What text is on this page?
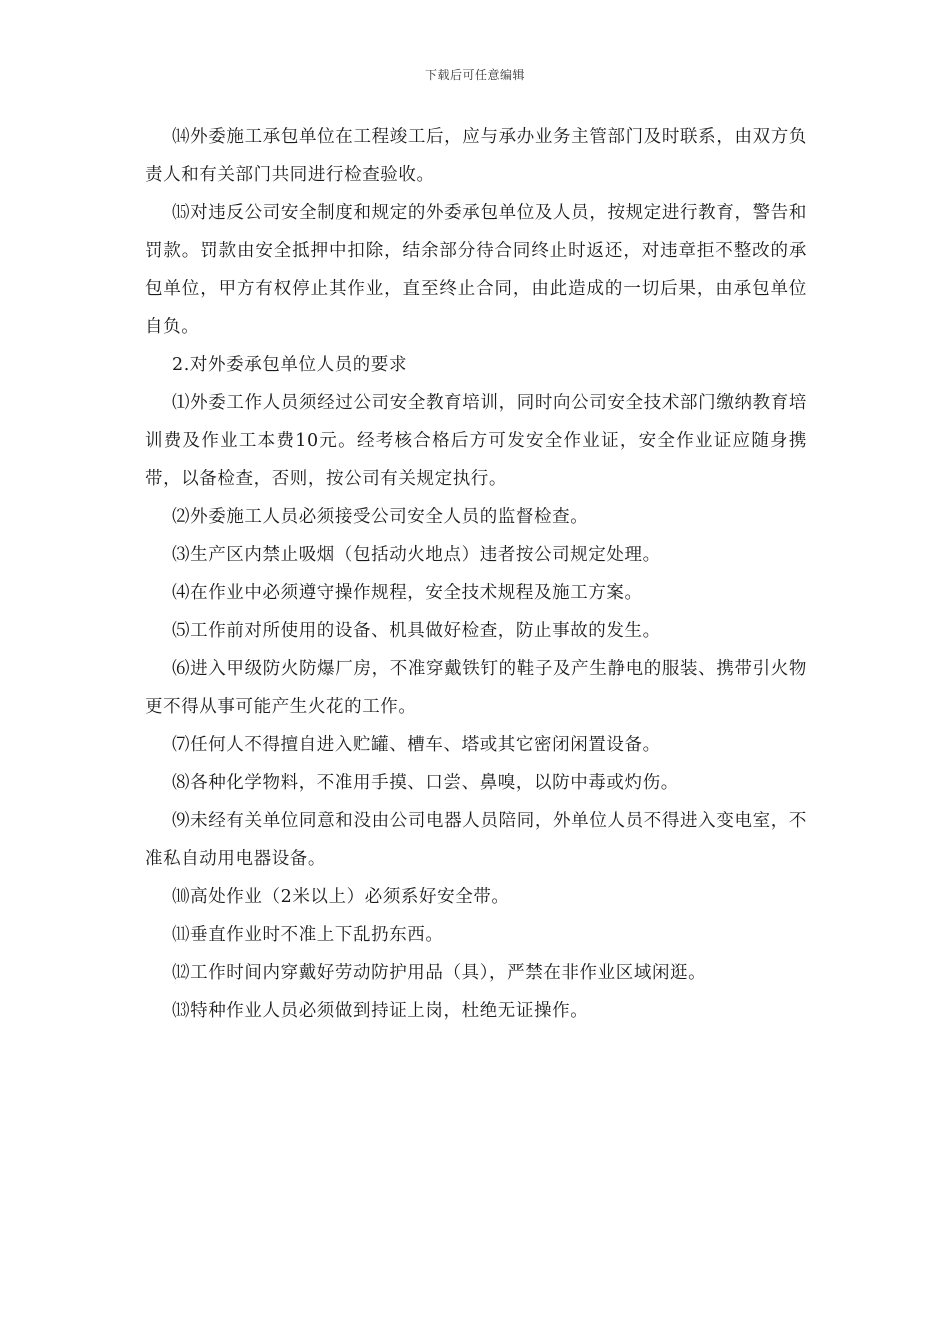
下载后可任意编辑

⒁外委施工承包单位在工程竣工后，应与承办业务主管部门及时联系，由双方负责人和有关部门共同进行检查验收。

⒂对违反公司安全制度和规定的外委承包单位及人员，按规定进行教育，警告和罚款。罚款由安全抵押中扣除，结余部分待合同终止时返还，对违章拒不整改的承包单位，甲方有权停止其作业，直至终止合同，由此造成的一切后果，由承包单位自负。

2.对外委承包单位人员的要求

⑴外委工作人员须经过公司安全教育培训，同时向公司安全技术部门缴纳教育培训费及作业工本费10元。经考核合格后方可发安全作业证，安全作业证应随身携带，以备检查，否则，按公司有关规定执行。

⑵外委施工人员必须接受公司安全人员的监督检查。

⑶生产区内禁止吸烟（包括动火地点）违者按公司规定处理。

⑷在作业中必须遵守操作规程，安全技术规程及施工方案。

⑸工作前对所使用的设备、机具做好检查，防止事故的发生。

⑹进入甲级防火防爆厂房，不准穿戴铁钉的鞋子及产生静电的服装、携带引火物更不得从事可能产生火花的工作。

⑺任何人不得擅自进入贮罐、槽车、塔或其它密闭闲置设备。

⑻各种化学物料，不准用手摸、口尝、鼻嗅，以防中毒或灼伤。

⑼未经有关单位同意和没由公司电器人员陪同，外单位人员不得进入变电室，不准私自动用电器设备。

⑽高处作业（2米以上）必须系好安全带。

⑾垂直作业时不准上下乱扔东西。

⑿工作时间内穿戴好劳动防护用品（具），严禁在非作业区域闲逛。

⒀特种作业人员必须做到持证上岗，杜绝无证操作。
